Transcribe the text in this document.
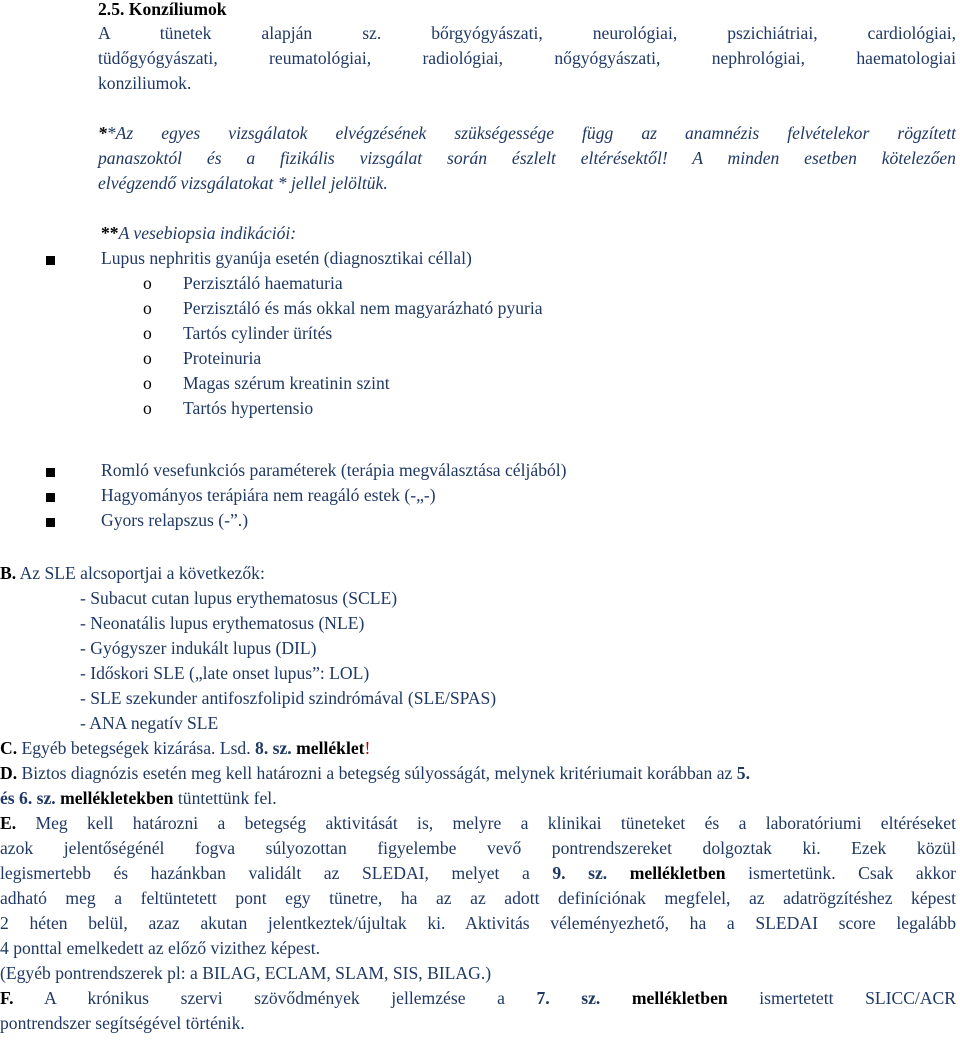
2.5. Konzíliumok
A tünetek alapján sz.	bőrgyógyászati, neurológiai, pszichiátriai, cardiológiai,
tüdőgyógyászati, reumatológiai, radiológiai, nőgyógyászati, nephrológiai, haematologiai
konziliumok.
**Az egyes vizsgálatok elvégzésének szükségessége függ az anamnézis felvételekor rögzített
panaszoktól és a fizikális vizsgálat során észlelt eltérésektől! A minden esetben kötelezően
elvégzendő vizsgálatokat * jellel jelöltük.
**A vesebiopsia indikációi:
Lupus nephritis gyanúja esetén (diagnosztikai céllal)
o Perzisztáló haematuria
o Perzisztáló és más okkal nem magyarázható pyuria
o Tartós cylinder ürítés
o Proteinuria
o Magas szérum kreatinin szint
o Tartós hypertensio
Romló vesefunkciós paraméterek (terápia megválasztása céljából)
Hagyományos terápiára nem reagáló estek (-„-)
Gyors relapszus (-”.)
B. Az SLE alcsoportjai a következők:
- Subacut cutan lupus erythematosus (SCLE)
- Neonatális lupus erythematosus (NLE)
- Gyógyszer indukált lupus (DIL)
- Időskori SLE („late onset lupus”: LOL)
- SLE szekunder antifoszfolipid szindrómával (SLE/SPAS)
- ANA negatív SLE
C. Egyéb betegségek kizárása. Lsd. 8. sz. melléklet!
D. Biztos diagnózis esetén meg kell határozni a betegség súlyosságát, melynek kritériumait korábban az 5.
és 6. sz. mellékletekben tüntettünk fel.
E. Meg kell határozni a betegség aktivitását is, melyre a klinikai tüneteket és a laboratóriumi eltéréseket
azok jelentőségénél fogva súlyozottan figyelembe vevő pontrendszereket dolgoztak ki. Ezek közül
legismertebb és hazánkban validált az SLEDAI, melyet a 9. sz. mellékletben ismertetünk. Csak akkor
adható meg a feltüntetett pont egy tünetre, ha az az adott definíciónak megfelel, az adatrögzítéshez képest
2 héten belül, azaz akutan jelentkeztek/újultak ki. Aktivitás véleményezhető, ha a SLEDAI score legalább
4 ponttal emelkedett az előző vizithez képest.
(Egyéb pontrendszerek pl: a BILAG, ECLAM, SLAM, SIS, BILAG.)
F. A krónikus szervi szövődmények jellemzése a 7. sz. mellékletben ismertetett SLICC/ACR
pontrendszer segítségével történik.
